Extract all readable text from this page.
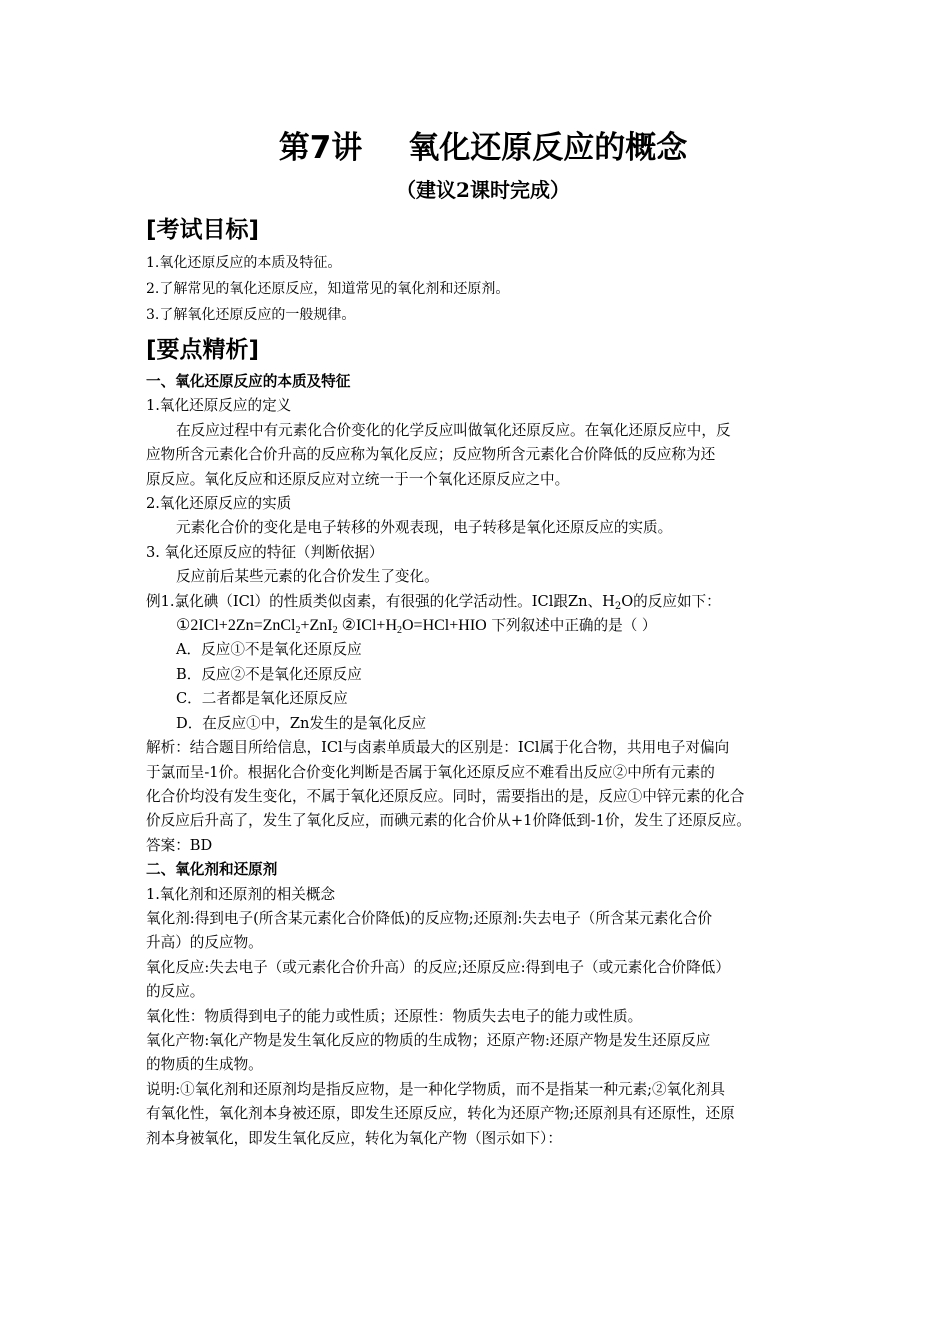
第7讲 氧化还原反应的概念
（建议2课时完成）
[考试目标]

1.氧化还原反应的本质及特征。

2.了解常见的氧化还原反应，知道常见的氧化剂和还原剂。

3.了解氧化还原反应的一般规律。

[要点精析]

一、氧化还原反应的本质及特征

1.氧化还原反应的定义

在反应过程中有元素化合价变化的化学反应叫做氧化还原反应。在氧化还原反应中，反

应物所含元素化合价升高的反应称为氧化反应；反应物所含元素化合价降低的反应称为还

原反应。氧化反应和还原反应对立统一于一个氧化还原反应之中。

2.氧化还原反应的实质

元素化合价的变化是电子转移的外观表现，电子转移是氧化还原反应的实质。

3. 氧化还原反应的特征（判断依据）

反应前后某些元素的化合价发生了变化。

例1.氯化碘（ICl）的性质类似卤素，有很强的化学活动性。ICl跟Zn、$H_2O$的反应如下：

①2ICl+2Zn=ZnCl$_2$+ZnI$_2$ $②ICl+H_2O=HCl+HIO$ 下列叙述中正确的是（ ）

A．反应①不是氧化还原反应

B．反应②不是氧化还原反应

C．二者都是氧化还原反应

D．在反应①中，Zn发生的是氧化反应

解析：结合题目所给信息，ICl与卤素单质最大的区别是：ICl属于化合物，共用电子对偏向

于氯而呈-1价。根据化合价变化判断是否属于氧化还原反应不难看出反应②中所有元素的

化合价均没有发生变化，不属于氧化还原反应。同时，需要指出的是，反应①中锌元素的化合

价反应后升高了，发生了氧化反应，而碘元素的化合价从+1价降低到-1价，发生了还原反应。

答案：BD

二、氧化剂和还原剂

1.氧化剂和还原剂的相关概念

氧化剂:得到电子(所含某元素化合价降低)的反应物;还原剂:失去电子（所含某元素化合价

升高）的反应物。

氧化反应:失去电子（或元素化合价升高）的反应;还原反应:得到电子（或元素化合价降低）

的反应。

氧化性：物质得到电子的能力或性质；还原性：物质失去电子的能力或性质。

氧化产物:氧化产物是发生氧化反应的物质的生成物；还原产物:还原产物是发生还原反应

的物质的生成物。

说明:①氧化剂和还原剂均是指反应物，是一种化学物质，而不是指某一种元素;②氧化剂具

有氧化性，氧化剂本身被还原，即发生还原反应，转化为还原产物;还原剂具有还原性，还原

剂本身被氧化，即发生氧化反应，转化为氧化产物（图示如下）：
